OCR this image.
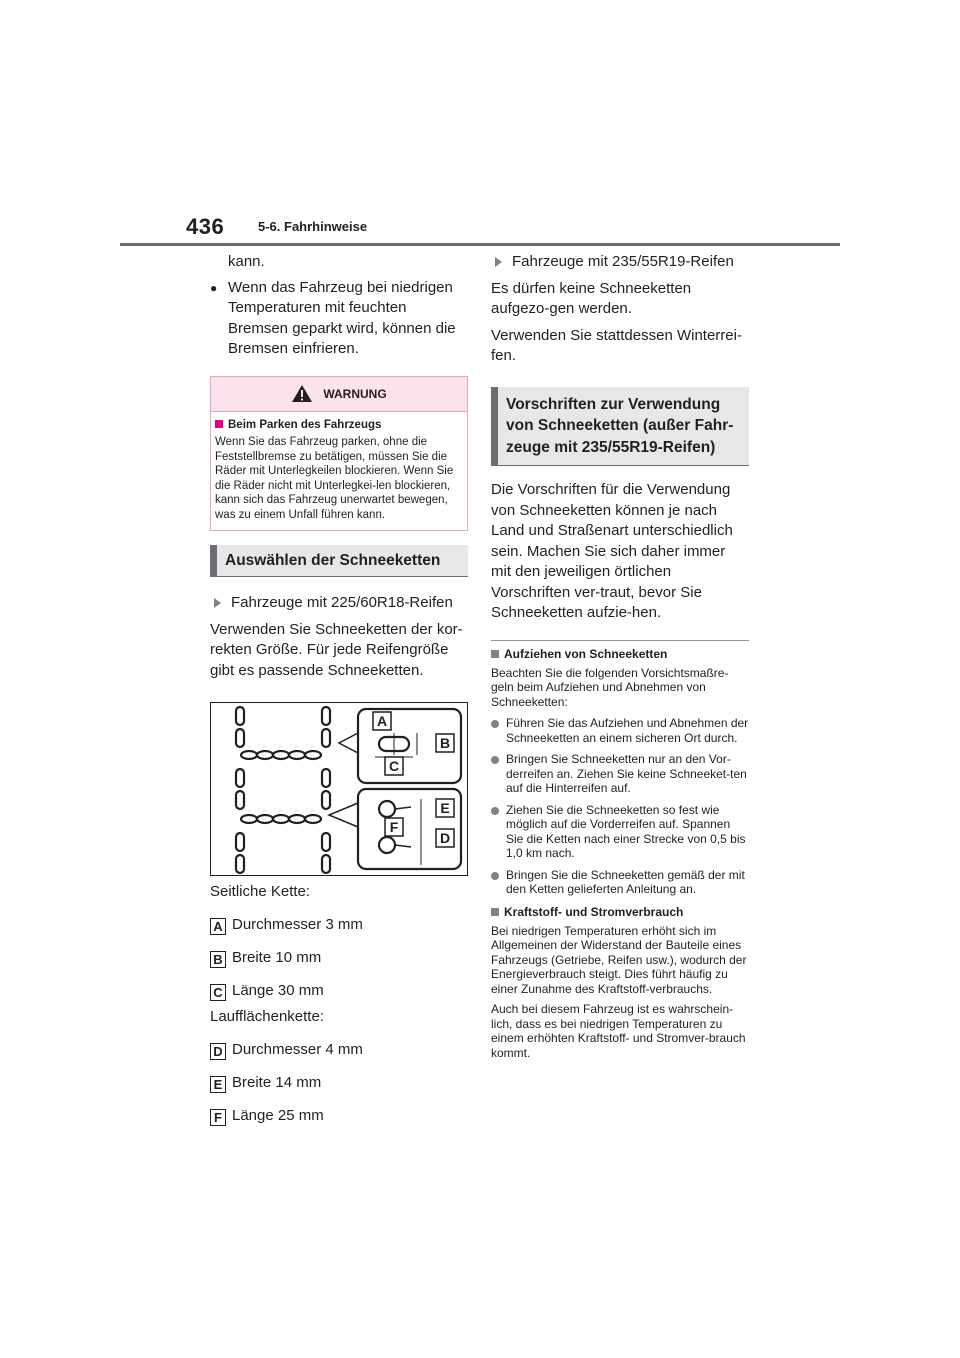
436	5-6. Fahrhinweise

kann.

● Wenn das Fahrzeug bei niedrigen Temperaturen mit feuchten Bremsen geparkt wird, können die Bremsen einfrieren.

WARNUNG

Beim Parken des Fahrzeugs

Wenn Sie das Fahrzeug parken, ohne die Feststellbremse zu betätigen, müssen Sie die Räder mit Unterlegkeilen blockieren. Wenn Sie die Räder nicht mit Unterlegkei-len blockieren, kann sich das Fahrzeug unerwartet bewegen, was zu einem Unfall führen kann.

Auswählen der Schneeketten

Fahrzeuge mit 225/60R18-Reifen

Verwenden Sie Schneeketten der kor-rekten Größe. Für jede Reifengröße gibt es passende Schneeketten.

A
B
C
E
F
D

Seitliche Kette:

A Durchmesser 3 mm

B Breite 10 mm

C Länge 30 mm

Laufflächenkette:

D Durchmesser 4 mm

E Breite 14 mm

F Länge 25 mm

Fahrzeuge mit 235/55R19-Reifen

Es dürfen keine Schneeketten aufgezo-gen werden.

Verwenden Sie stattdessen Winterrei-fen.

Vorschriften zur Verwendung von Schneeketten (außer Fahr-zeuge mit 235/55R19-Reifen)

Die Vorschriften für die Verwendung von Schneeketten können je nach Land und Straßenart unterschiedlich sein. Machen Sie sich daher immer mit den jeweiligen örtlichen Vorschriften ver-traut, bevor Sie Schneeketten aufzie-hen.

Aufziehen von Schneeketten

Beachten Sie die folgenden Vorsichtsmaßre-geln beim Aufziehen und Abnehmen von Schneeketten:

Führen Sie das Aufziehen und Abnehmen der Schneeketten an einem sicheren Ort durch.

Bringen Sie Schneeketten nur an den Vor-derreifen an. Ziehen Sie keine Schneeket-ten auf die Hinterreifen auf.

Ziehen Sie die Schneeketten so fest wie möglich auf die Vorderreifen auf. Spannen Sie die Ketten nach einer Strecke von 0,5 bis 1,0 km nach.

Bringen Sie die Schneeketten gemäß der mit den Ketten gelieferten Anleitung an.

Kraftstoff- und Stromverbrauch

Bei niedrigen Temperaturen erhöht sich im Allgemeinen der Widerstand der Bauteile eines Fahrzeugs (Getriebe, Reifen usw.), wodurch der Energieverbrauch steigt. Dies führt häufig zu einer Zunahme des Kraftstoff-verbrauchs.

Auch bei diesem Fahrzeug ist es wahrschein-lich, dass es bei niedrigen Temperaturen zu einem erhöhten Kraftstoff- und Stromver-brauch kommt.
